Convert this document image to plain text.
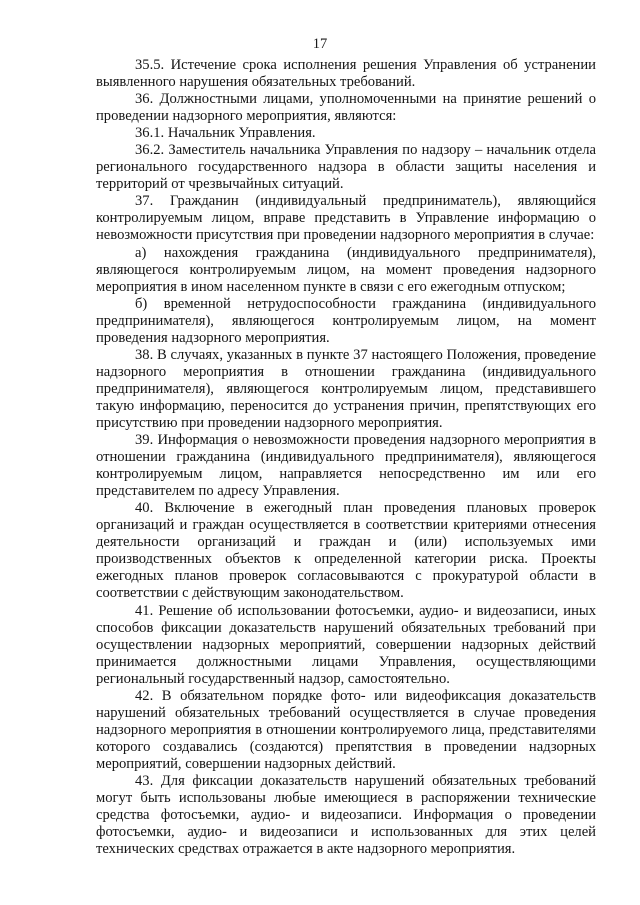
17

35.5. Истечение срока исполнения решения Управления об устранении выявленного нарушения обязательных требований.

36. Должностными лицами, уполномоченными на принятие решений о проведении надзорного мероприятия, являются:

36.1. Начальник Управления.

36.2. Заместитель начальника Управления по надзору – начальник отдела регионального государственного надзора в области защиты населения и территорий от чрезвычайных ситуаций.

37. Гражданин (индивидуальный предприниматель), являющийся контролируемым лицом, вправе представить в Управление информацию о невозможности присутствия при проведении надзорного мероприятия в случае:

а) нахождения гражданина (индивидуального предпринимателя), являющегося контролируемым лицом, на момент проведения надзорного мероприятия в ином населенном пункте в связи с его ежегодным отпуском;

б) временной нетрудоспособности гражданина (индивидуального предпринимателя), являющегося контролируемым лицом, на момент проведения надзорного мероприятия.

38. В случаях, указанных в пункте 37 настоящего Положения, проведение надзорного мероприятия в отношении гражданина (индивидуального предпринимателя), являющегося контролируемым лицом, представившего такую информацию, переносится до устранения причин, препятствующих его присутствию при проведении надзорного мероприятия.

39. Информация о невозможности проведения надзорного мероприятия в отношении гражданина (индивидуального предпринимателя), являющегося контролируемым лицом, направляется непосредственно им или его представителем по адресу Управления.

40. Включение в ежегодный план проведения плановых проверок организаций и граждан осуществляется в соответствии критериями отнесения деятельности организаций и граждан и (или) используемых ими производственных объектов к определенной категории риска. Проекты ежегодных планов проверок согласовываются с прокуратурой области в соответствии с действующим законодательством.

41. Решение об использовании фотосъемки, аудио- и видеозаписи, иных способов фиксации доказательств нарушений обязательных требований при осуществлении надзорных мероприятий, совершении надзорных действий принимается должностными лицами Управления, осуществляющими региональный государственный надзор, самостоятельно.

42. В обязательном порядке фото- или видеофиксация доказательств нарушений обязательных требований осуществляется в случае проведения надзорного мероприятия в отношении контролируемого лица, представителями которого создавались (создаются) препятствия в проведении надзорных мероприятий, совершении надзорных действий.

43. Для фиксации доказательств нарушений обязательных требований могут быть использованы любые имеющиеся в распоряжении технические средства фотосъемки, аудио- и видеозаписи. Информация о проведении фотосъемки, аудио- и видеозаписи и использованных для этих целей технических средствах отражается в акте надзорного мероприятия.
